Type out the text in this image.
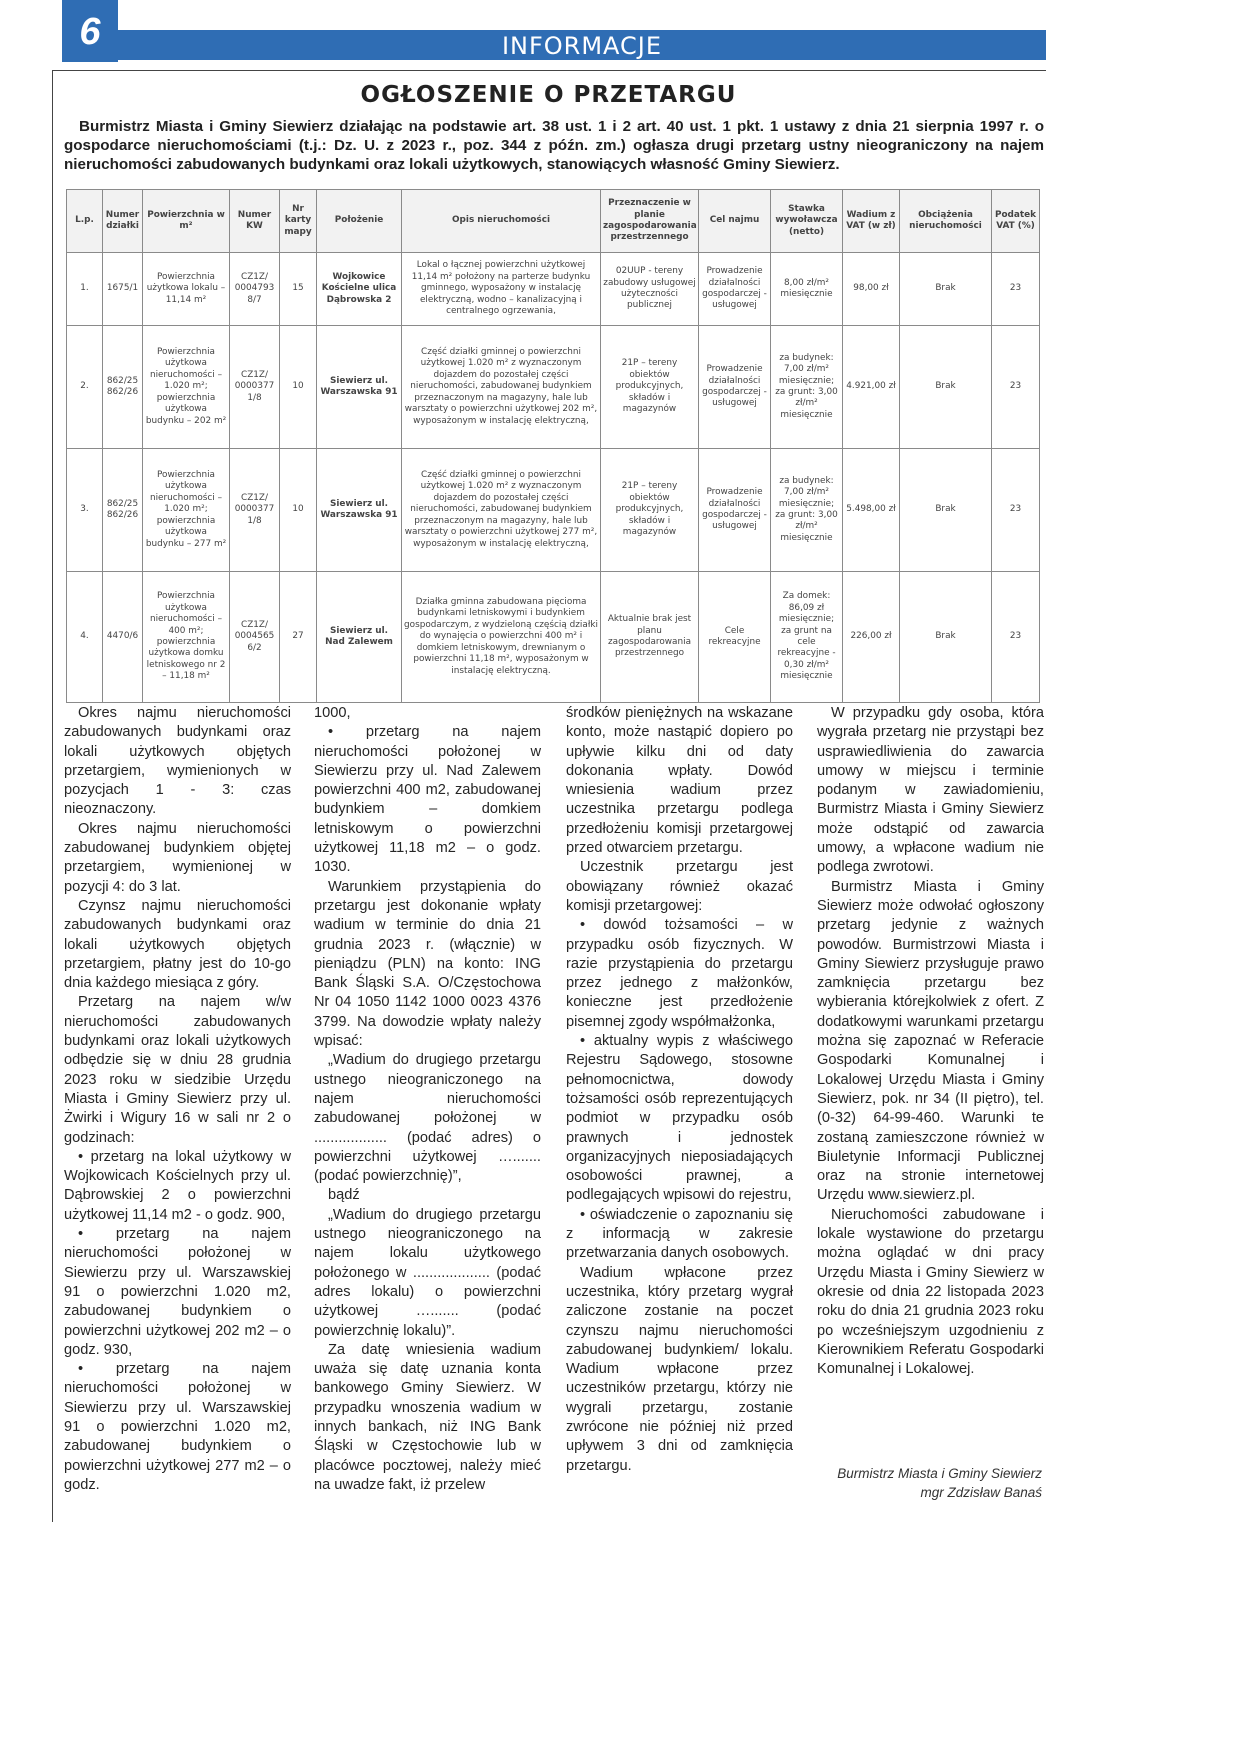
6	INFORMACJE
OGŁOSZENIE O PRZETARGU
Burmistrz Miasta i Gminy Siewierz działając na podstawie art. 38 ust. 1 i 2 art. 40 ust. 1 pkt. 1 ustawy z dnia 21 sierpnia 1997 r. o gospodarce nieruchomościami (t.j.: Dz. U. z 2023 r., poz. 344 z późn. zm.) ogłasza drugi przetarg ustny nieograniczony na najem nieruchomości zabudowanych budynkami oraz lokali użytkowych, stanowiących własność Gminy Siewierz.
L.p.	Numer działki	Powierzchnia w m²	Numer KW	Nr karty mapy	Położenie	Opis nieruchomości	Przeznaczenie w planie zagospodarowania przestrzennego	Cel najmu	Stawka wywoławcza (netto)	Wadium z VAT (w zł)	Obciążenia nieruchomości	Podatek VAT (%)
1.	1675/1	Powierzchnia użytkowa lokalu – 11,14 m²	CZ1Z/ 0004793 8/7	15	Wojkowice Kościelne ulica Dąbrowska 2	Lokal o łącznej powierzchni użytkowej 11,14 m² położony na parterze budynku gminnego, wyposażony w instalację elektryczną, wodno – kanalizacyjną i centralnego ogrzewania,	02UUP - tereny zabudowy usługowej użyteczności publicznej	Prowadzenie działalności gospodarczej - usługowej	8,00 zł/m² miesięcznie	98,00 zł	Brak	23
2.	862/25 862/26	Powierzchnia użytkowa nieruchomości – 1.020 m²; powierzchnia użytkowa budynku – 202 m²	CZ1Z/ 0000377 1/8	10	Siewierz ul. Warszawska 91	Część działki gminnej o powierzchni użytkowej 1.020 m² z wyznaczonym dojazdem do pozostałej części nieruchomości, zabudowanej budynkiem przeznaczonym na magazyny, hale lub warsztaty o powierzchni użytkowej 202 m², wyposażonym w instalację elektryczną,	21P – tereny obiektów produkcyjnych, składów i magazynów	Prowadzenie działalności gospodarczej - usługowej	za budynek: 7,00 zł/m² miesięcznie; za grunt: 3,00 zł/m² miesięcznie	4.921,00 zł	Brak	23
3.	862/25 862/26	Powierzchnia użytkowa nieruchomości – 1.020 m²; powierzchnia użytkowa budynku – 277 m²	CZ1Z/ 0000377 1/8	10	Siewierz ul. Warszawska 91	Część działki gminnej o powierzchni użytkowej 1.020 m² z wyznaczonym dojazdem do pozostałej części nieruchomości, zabudowanej budynkiem przeznaczonym na magazyny, hale lub warsztaty o powierzchni użytkowej 277 m², wyposażonym w instalację elektryczną,	21P – tereny obiektów produkcyjnych, składów i magazynów	Prowadzenie działalności gospodarczej - usługowej	za budynek: 7,00 zł/m² miesięcznie; za grunt: 3,00 zł/m² miesięcznie	5.498,00 zł	Brak	23
4.	4470/6	Powierzchnia użytkowa nieruchomości – 400 m²; powierzchnia użytkowa domku letniskowego nr 2 – 11,18 m²	CZ1Z/ 0004565 6/2	27	Siewierz ul. Nad Zalewem	Działka gminna zabudowana pięcioma budynkami letniskowymi i budynkiem gospodarczym, z wydzieloną częścią działki do wynajęcia o powierzchni 400 m² i domkiem letniskowym, drewnianym o powierzchni 11,18 m², wyposażonym w instalację elektryczną.	Aktualnie brak jest planu zagospodarowania przestrzennego	Cele rekreacyjne	Za domek: 86,09 zł miesięcznie; za grunt na cele rekreacyjne - 0,30 zł/m² miesięcznie	226,00 zł	Brak	23

Okres najmu nieruchomości zabudowanych budynkami oraz lokali użytkowych objętych przetargiem, wymienionych w pozycjach 1 - 3: czas nieoznaczony.

Okres najmu nieruchomości zabudowanej budynkiem objętej przetargiem, wymienionej w pozycji 4: do 3 lat.

Czynsz najmu nieruchomości zabudowanych budynkami oraz lokali użytkowych objętych przetargiem, płatny jest do 10-go dnia każdego miesiąca z góry.

Przetarg na najem w/w nieruchomości zabudowanych budynkami oraz lokali użytkowych odbędzie się w dniu 28 grudnia 2023 roku w siedzibie Urzędu Miasta i Gminy Siewierz przy ul. Żwirki i Wigury 16 w sali nr 2 o godzinach:

• przetarg na lokal użytkowy w Wojkowicach Kościelnych przy ul. Dąbrowskiej 2 o powierzchni użytkowej 11,14 m2 - o godz. 900,

• przetarg na najem nieruchomości położonej w Siewierzu przy ul. Warszawskiej 91 o powierzchni 1.020 m2, zabudowanej budynkiem o powierzchni użytkowej 202 m2 – o godz. 930,

• przetarg na najem nieruchomości położonej w Siewierzu przy ul. Warszawskiej 91 o powierzchni 1.020 m2, zabudowanej budynkiem o powierzchni użytkowej 277 m2 – o godz.

1000,

• przetarg na najem nieruchomości położonej w Siewierzu przy ul. Nad Zalewem powierzchni 400 m2, zabudowanej budynkiem – domkiem letniskowym o powierzchni użytkowej 11,18 m2 – o godz. 1030.

Warunkiem przystąpienia do przetargu jest dokonanie wpłaty wadium w terminie do dnia 21 grudnia 2023 r. (włącznie) w pieniądzu (PLN) na konto: ING Bank Śląski S.A. O/Częstochowa Nr 04 1050 1142 1000 0023 4376 3799. Na dowodzie wpłaty należy wpisać:

„Wadium do drugiego przetargu ustnego nieograniczonego na najem nieruchomości zabudowanej położonej w .................. (podać adres) o powierzchni użytkowej …....... (podać powierzchnię)”,

bądź

„Wadium do drugiego przetargu ustnego nieograniczonego na najem lokalu użytkowego położonego w ................... (podać adres lokalu) o powierzchni użytkowej …....... (podać powierzchnię lokalu)”.

Za datę wniesienia wadium uważa się datę uznania konta bankowego Gminy Siewierz. W przypadku wnoszenia wadium w innych bankach, niż ING Bank Śląski w Częstochowie lub w placówce pocztowej, należy mieć na uwadze fakt, iż przelew

środków pieniężnych na wskazane konto, może nastąpić dopiero po upływie kilku dni od daty dokonania wpłaty. Dowód wniesienia wadium przez uczestnika przetargu podlega przedłożeniu komisji przetargowej przed otwarciem przetargu.

Uczestnik przetargu jest obowiązany również okazać komisji przetargowej:

• dowód tożsamości – w przypadku osób fizycznych. W razie przystąpienia do przetargu przez jednego z małżonków, konieczne jest przedłożenie pisemnej zgody współmałżonka,

• aktualny wypis z właściwego Rejestru Sądowego, stosowne pełnomocnictwa, dowody tożsamości osób reprezentujących podmiot w przypadku osób prawnych i jednostek organizacyjnych nieposiadających osobowości prawnej, a podlegających wpisowi do rejestru,

• oświadczenie o zapoznaniu się z informacją w zakresie przetwarzania danych osobowych.

Wadium wpłacone przez uczestnika, który przetarg wygrał zaliczone zostanie na poczet czynszu najmu nieruchomości zabudowanej budynkiem/ lokalu. Wadium wpłacone przez uczestników przetargu, którzy nie wygrali przetargu, zostanie zwrócone nie później niż przed upływem 3 dni od zamknięcia przetargu.

W przypadku gdy osoba, która wygrała przetarg nie przystąpi bez usprawiedliwienia do zawarcia umowy w miejscu i terminie podanym w zawiadomieniu, Burmistrz Miasta i Gminy Siewierz może odstąpić od zawarcia umowy, a wpłacone wadium nie podlega zwrotowi.

Burmistrz Miasta i Gminy Siewierz może odwołać ogłoszony przetarg jedynie z ważnych powodów. Burmistrzowi Miasta i Gminy Siewierz przysługuje prawo zamknięcia przetargu bez wybierania którejkolwiek z ofert. Z dodatkowymi warunkami przetargu można się zapoznać w Referacie Gospodarki Komunalnej i Lokalowej Urzędu Miasta i Gminy Siewierz, pok. nr 34 (II piętro), tel. (0-32) 64-99-460. Warunki te zostaną zamieszczone również w Biuletynie Informacji Publicznej oraz na stronie internetowej Urzędu www.siewierz.pl.

Nieruchomości zabudowane i lokale wystawione do przetargu można oglądać w dni pracy Urzędu Miasta i Gminy Siewierz w okresie od dnia 22 listopada 2023 roku do dnia 21 grudnia 2023 roku po wcześniejszym uzgodnieniu z Kierownikiem Referatu Gospodarki Komunalnej i Lokalowej.

Burmistrz Miasta i Gminy Siewierz
mgr Zdzisław Banaś
